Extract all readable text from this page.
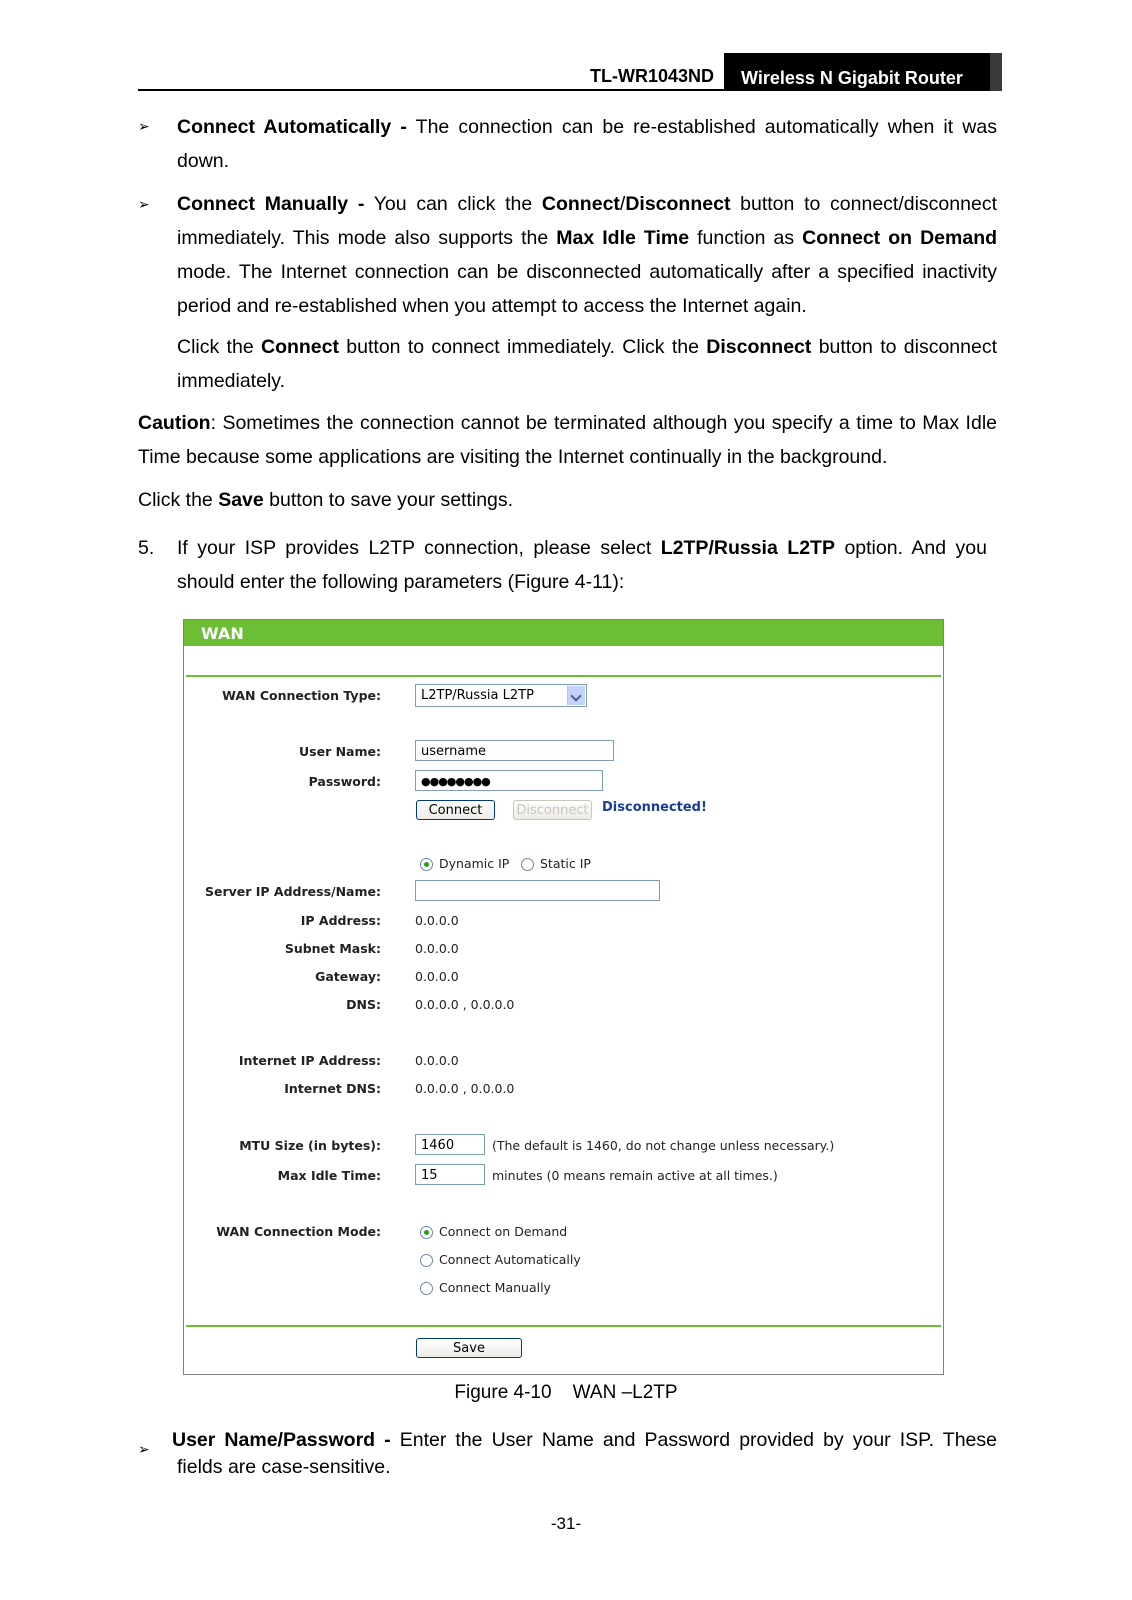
TL-WR1043ND Wireless N Gigabit Router
➢ Connect Automatically - The connection can be re-established automatically when it was
down.
➢ Connect Manually - You can click the Connect/Disconnect button to connect/disconnect
immediately. This mode also supports the Max Idle Time function as Connect on Demand
mode. The Internet connection can be disconnected automatically after a specified inactivity
period and re-established when you attempt to access the Internet again.
Click the Connect button to connect immediately. Click the Disconnect button to disconnect
immediately.
Caution: Sometimes the connection cannot be terminated although you specify a time to Max Idle
Time because some applications are visiting the Internet continually in the background.
Click the Save button to save your settings.
5. If your ISP provides L2TP connection, please select L2TP/Russia L2TP option. And you
should enter the following parameters (Figure 4-11):
WAN
WAN Connection Type:	L2TP/Russia L2TP
User Name:	username
Password:	●●●●●●●●
Connect	Disconnect Disconnected!
Dynamic IP Static IP
Server IP Address/Name:
IP Address:	0.0.0.0
Subnet Mask:	0.0.0.0
Gateway:	0.0.0.0
DNS:	0.0.0.0 , 0.0.0.0
Internet IP Address:	0.0.0.0
Internet DNS:	0.0.0.0 , 0.0.0.0
MTU Size (in bytes):	1460	(The default is 1460, do not change unless necessary.)
Max Idle Time:	15	minutes (0 means remain active at all times.)
WAN Connection Mode:	Connect on Demand
Connect Automatically
Connect Manually
Save
Figure 4-10    WAN –L2TP
➢ User Name/Password - Enter the User Name and Password provided by your ISP. These
fields are case-sensitive.
-31-
